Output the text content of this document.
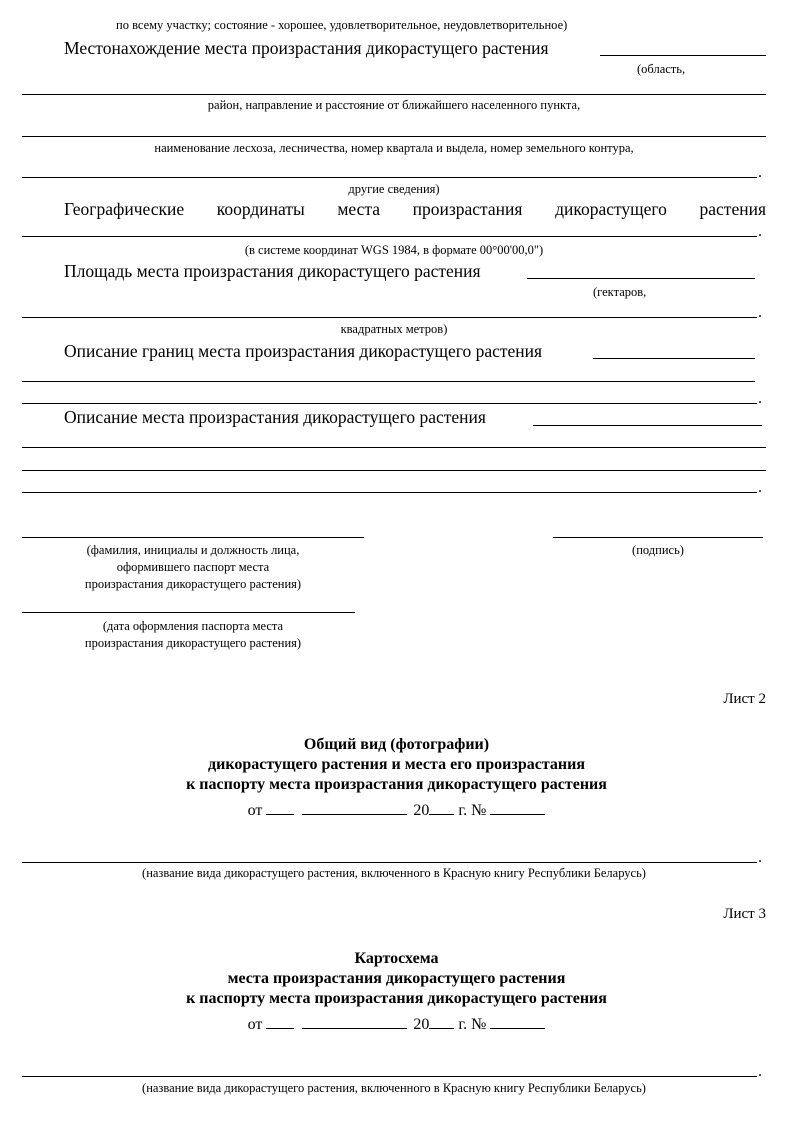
по всему участку; состояние - хорошее, удовлетворительное, неудовлетворительное)
Местонахождение места произрастания дикорастущего растения
(область,
район, направление и расстояние от ближайшего населенного пункта,
наименование лесхоза, лесничества, номер квартала и выдела, номер земельного контура,
.
другие сведения)
Географические координаты места произрастания дикорастущего растения
.
(в системе координат WGS 1984, в формате 00°00'00,0")
Площадь места произрастания дикорастущего растения
(гектаров,
.
квадратных метров)
Описание границ места произрастания дикорастущего растения
.
Описание места произрастания дикорастущего растения
.
(фамилия, инициалы и должность лица,
оформившего паспорт места
произрастания дикорастущего растения)
(подпись)
(дата оформления паспорта места
произрастания дикорастущего растения)
Лист 2
Общий вид (фотографии)
дикорастущего растения и места его произрастания
к паспорту места произрастания дикорастущего растения
от	20 г. №
.
(название вида дикорастущего растения, включенного в Красную книгу Республики Беларусь)
Лист 3
Картосхема
места произрастания дикорастущего растения
к паспорту места произрастания дикорастущего растения
от	20 г. №
.
(название вида дикорастущего растения, включенного в Красную книгу Республики Беларусь)
